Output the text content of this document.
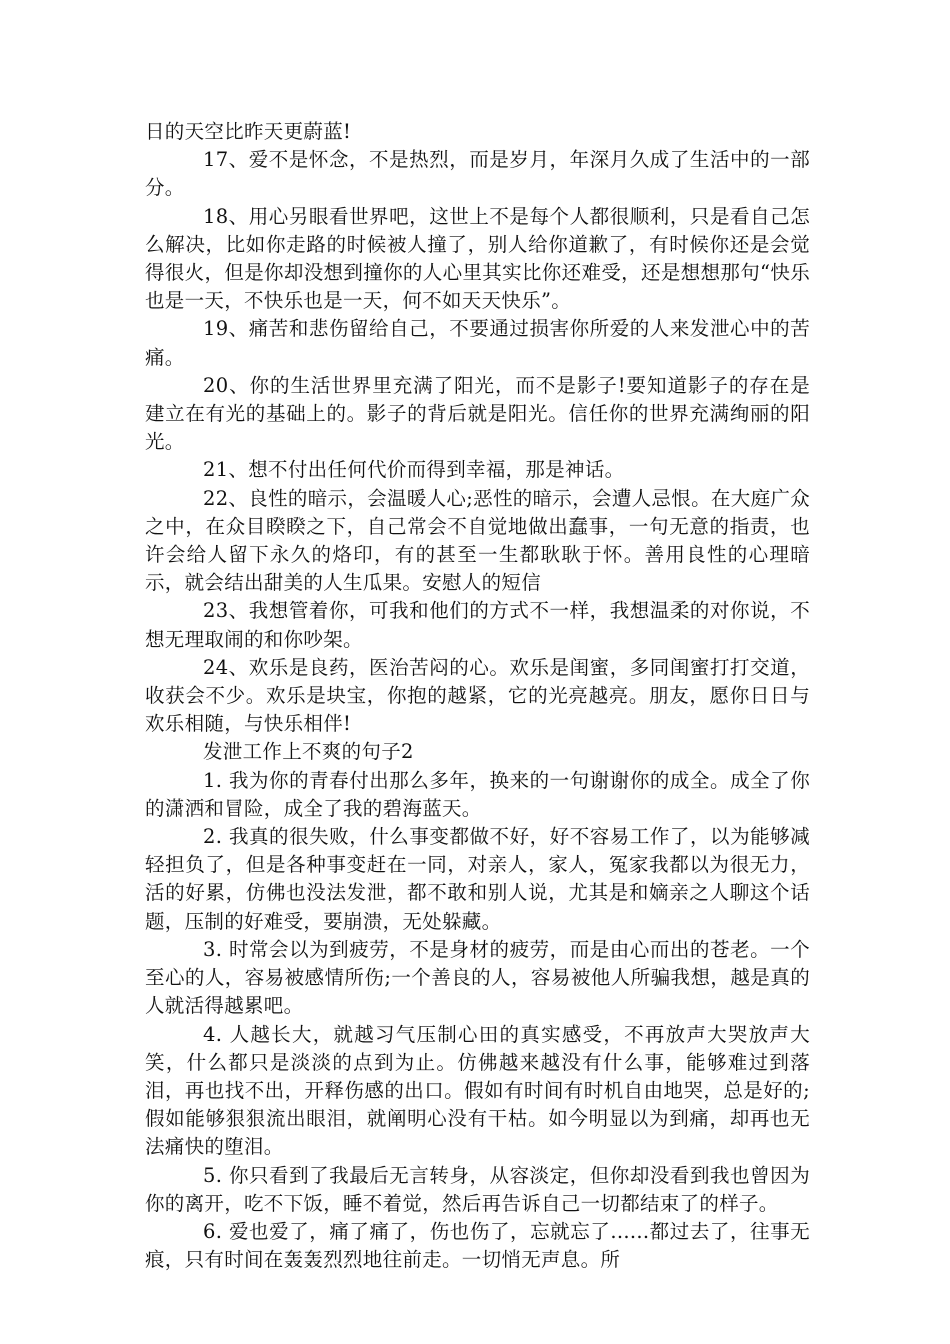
日的天空比昨天更蔚蓝!

17、爱不是怀念，不是热烈，而是岁月，年深月久成了生活中的一部分。

18、用心另眼看世界吧，这世上不是每个人都很顺利，只是看自己怎么解决，比如你走路的时候被人撞了，别人给你道歉了，有时候你还是会觉得很火，但是你却没想到撞你的人心里其实比你还难受，还是想想那句“快乐也是一天，不快乐也是一天，何不如天天快乐”。

19、痛苦和悲伤留给自己，不要通过损害你所爱的人来发泄心中的苦痛。

20、你的生活世界里充满了阳光，而不是影子!要知道影子的存在是建立在有光的基础上的。影子的背后就是阳光。信任你的世界充满绚丽的阳光。

21、想不付出任何代价而得到幸福，那是神话。

22、良性的暗示，会温暖人心;恶性的暗示，会遭人忌恨。在大庭广众之中，在众目睽睽之下，自己常会不自觉地做出蠢事，一句无意的指责，也许会给人留下永久的烙印，有的甚至一生都耿耿于怀。善用良性的心理暗示，就会结出甜美的人生瓜果。安慰人的短信

23、我想管着你，可我和他们的方式不一样，我想温柔的对你说，不想无理取闹的和你吵架。

24、欢乐是良药，医治苦闷的心。欢乐是闺蜜，多同闺蜜打打交道，收获会不少。欢乐是块宝，你抱的越紧，它的光亮越亮。朋友，愿你日日与欢乐相随，与快乐相伴!

发泄工作上不爽的句子2

1. 我为你的青春付出那么多年，换来的一句谢谢你的成全。成全了你的潇洒和冒险，成全了我的碧海蓝天。

2. 我真的很失败，什么事变都做不好，好不容易工作了，以为能够减轻担负了，但是各种事变赶在一同，对亲人，家人，冤家我都以为很无力，活的好累，仿佛也没法发泄，都不敢和别人说，尤其是和嫡亲之人聊这个话题，压制的好难受，要崩溃，无处躲藏。

3. 时常会以为到疲劳，不是身材的疲劳，而是由心而出的苍老。一个至心的人，容易被感情所伤;一个善良的人，容易被他人所骗我想，越是真的人就活得越累吧。

4. 人越长大，就越习气压制心田的真实感受，不再放声大哭放声大笑，什么都只是淡淡的点到为止。仿佛越来越没有什么事，能够难过到落泪，再也找不出，开释伤感的出口。假如有时间有时机自由地哭，总是好的;假如能够狠狠流出眼泪，就阐明心没有干枯。如今明显以为到痛，却再也无法痛快的堕泪。

5. 你只看到了我最后无言转身，从容淡定，但你却没看到我也曾因为你的离开，吃不下饭，睡不着觉，然后再告诉自己一切都结束了的样子。

6. 爱也爱了，痛了痛了，伤也伤了，忘就忘了......都过去了，往事无痕，只有时间在轰轰烈烈地往前走。一切悄无声息。所
